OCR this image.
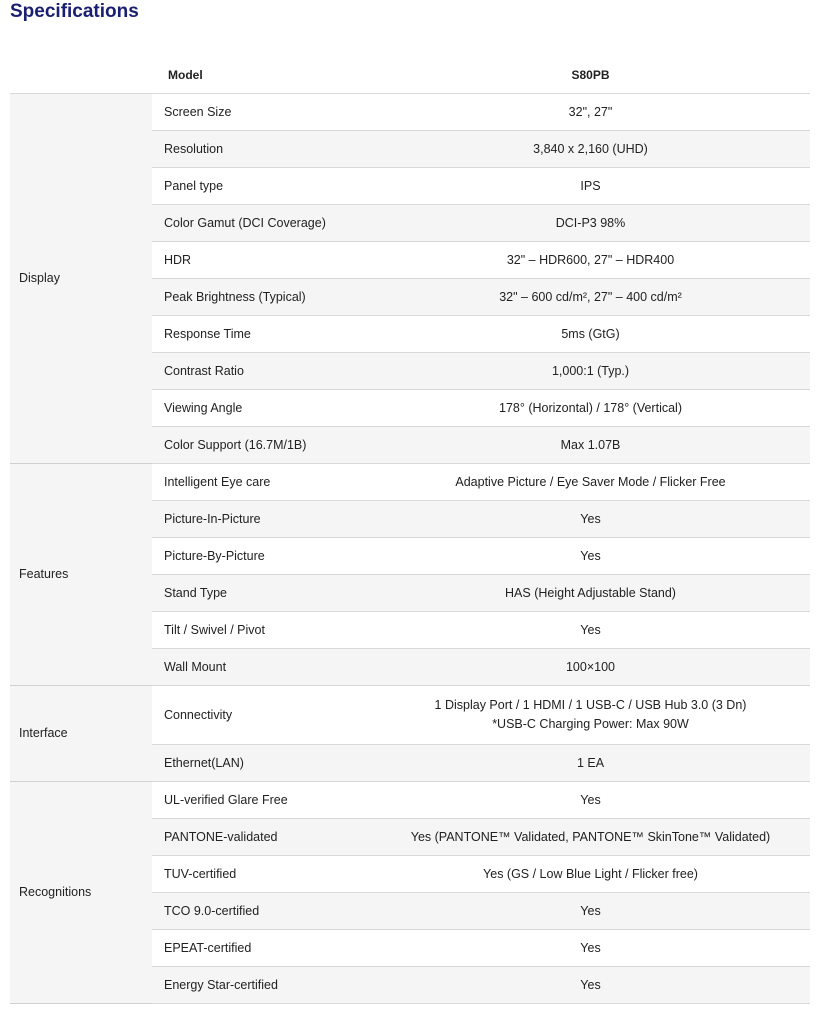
Specifications
	Model	S80PB
Display	Screen Size	32", 27"
	Resolution	3,840 x 2,160 (UHD)
	Panel type	IPS
	Color Gamut (DCI Coverage)	DCI-P3 98%
	HDR	32" – HDR600, 27" – HDR400
	Peak Brightness (Typical)	32" – 600 cd/m², 27" – 400 cd/m²
	Response Time	5ms (GtG)
	Contrast Ratio	1,000:1 (Typ.)
	Viewing Angle	178° (Horizontal) / 178° (Vertical)
	Color Support (16.7M/1B)	Max 1.07B
Features	Intelligent Eye care	Adaptive Picture / Eye Saver Mode / Flicker Free
	Picture-In-Picture	Yes
	Picture-By-Picture	Yes
	Stand Type	HAS (Height Adjustable Stand)
	Tilt / Swivel / Pivot	Yes
	Wall Mount	100×100
Interface	Connectivity	1 Display Port / 1 HDMI / 1 USB-C / USB Hub 3.0 (3 Dn)
*USB-C Charging Power: Max 90W

	Ethernet(LAN)	1 EA
Recognitions	UL-verified Glare Free	Yes
	PANTONE-validated	Yes (PANTONE™ Validated, PANTONE™ SkinTone™ Validated)
	TUV-certified	Yes (GS / Low Blue Light / Flicker free)
	TCO 9.0-certified	Yes
	EPEAT-certified	Yes
	Energy Star-certified	Yes
